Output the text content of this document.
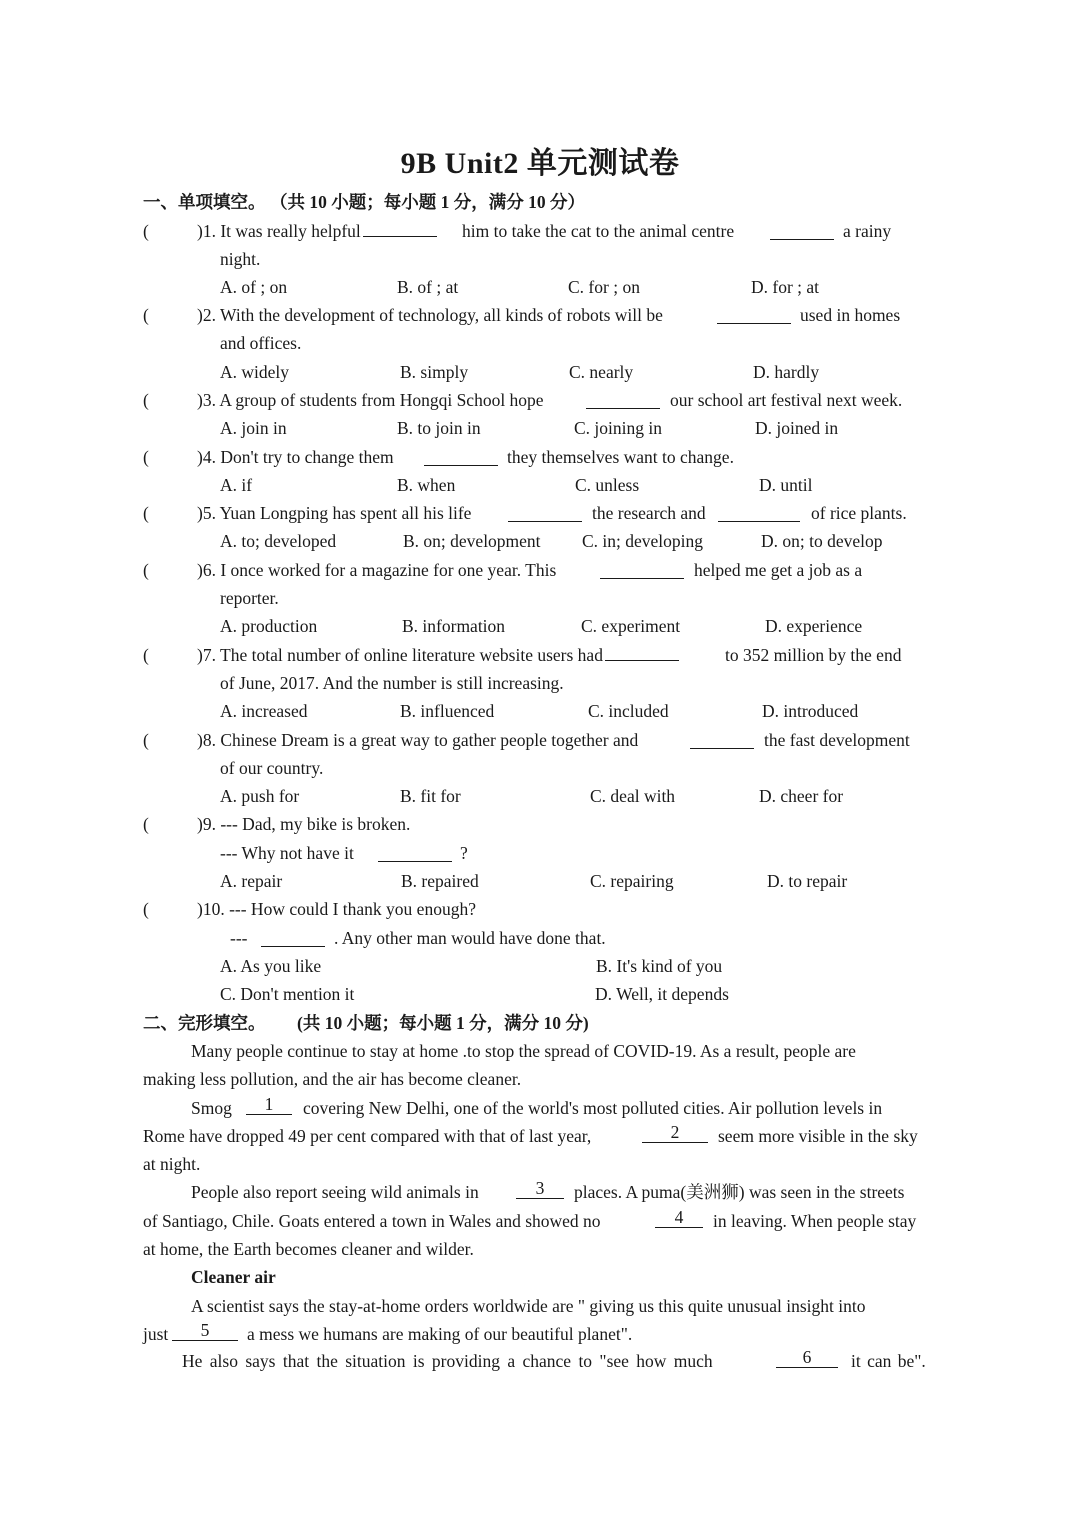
9B Unit2 单元测试卷
一、单项填空。 （共 10 小题；每小题 1 分，满分 10 分）
(	)1. It was really helpful	him to take the cat to the animal centre	a rainy
night.
A. of ; on	B. of ; at	C. for ; on	D. for ; at
(	)2. With the development of technology, all kinds of robots will be	used in homes
and offices.
A. widely	B. simply	C. nearly	D. hardly
(	)3. A group of students from Hongqi School hope	our school art festival next week.
A. join in	B. to join in	C. joining in	D. joined in
(	)4. Don't try to change them	they themselves want to change.
A. if	B. when	C. unless	D. until
(	)5. Yuan Longping has spent all his life	the research and	of rice plants.
A. to; developed	B. on; development C. in; developing	D. on; to develop
(	)6. I once worked for a magazine for one year. This	helped me get a job as a
reporter.
A. production	B. information	C. experiment	D. experience
(	)7. The total number of online literature website users had	to 352 million by the end
of June, 2017. And the number is still increasing.
A. increased	B. influenced	C. included	D. introduced
(	)8. Chinese Dream is a great way to gather people together and	the fast development
of our country.
A. push for	B. fit for	C. deal with	D. cheer for
(	)9. --- Dad, my bike is broken.
--- Why not have it	?
A. repair	B. repaired	C. repairing	D. to repair
(	)10. --- How could I thank you enough?
---	. Any other man would have done that.
A. As you like	B. It's kind of you
C. Don't mention it	D. Well, it depends
二、完形填空。 (共 10 小题；每小题 1 分，满分 10 分)
Many people continue to stay at home .to stop the spread of COVID-19. As a result, people are
making less pollution, and the air has become cleaner.
Smog	1	covering New Delhi, one of the world's most polluted cities. Air pollution levels in
Rome have dropped 49 per cent compared with that of last year,	2	seem more visible in the sky
at night.
People also report seeing wild animals in	3	places. A puma(美洲狮) was seen in the streets
of Santiago, Chile. Goats entered a town in Wales and showed no	4	in leaving. When people stay
at home, the Earth becomes cleaner and wilder.
Cleaner air
A scientist says the stay-at-home orders worldwide are " giving us this quite unusual insight into
just	5	a mess we humans are making of our beautiful planet".
He also says that the situation is providing a chance to "see how much	6	it can be".
